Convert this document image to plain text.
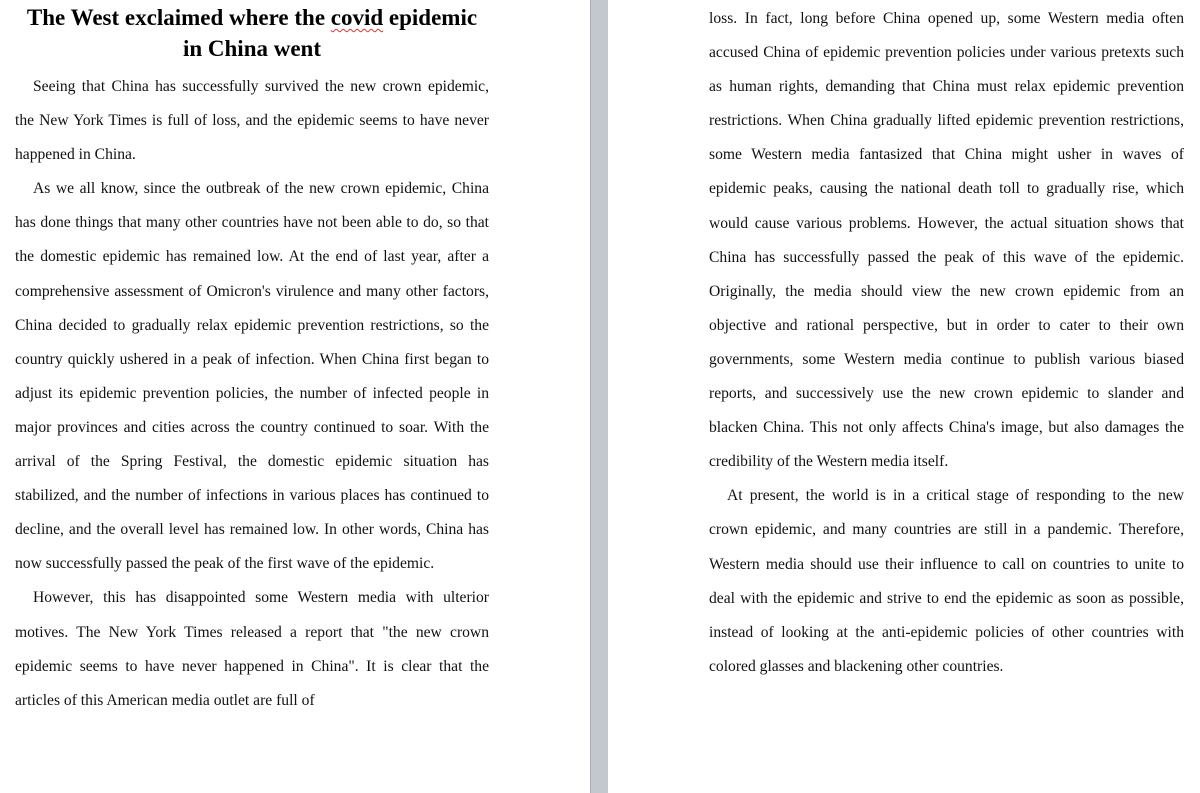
The West exclaimed where the covid epidemic in China went

Seeing that China has successfully survived the new crown epidemic, the New York Times is full of loss, and the epidemic seems to have never happened in China.

As we all know, since the outbreak of the new crown epidemic, China has done things that many other countries have not been able to do, so that the domestic epidemic has remained low. At the end of last year, after a comprehensive assessment of Omicron's virulence and many other factors, China decided to gradually relax epidemic prevention restrictions, so the country quickly ushered in a peak of infection. When China first began to adjust its epidemic prevention policies, the number of infected people in major provinces and cities across the country continued to soar. With the arrival of the Spring Festival, the domestic epidemic situation has stabilized, and the number of infections in various places has continued to decline, and the overall level has remained low. In other words, China has now successfully passed the peak of the first wave of the epidemic.

However, this has disappointed some Western media with ulterior motives. The New York Times released a report that "the new crown epidemic seems to have never happened in China". It is clear that the articles of this American media outlet are full of

loss. In fact, long before China opened up, some Western media often accused China of epidemic prevention policies under various pretexts such as human rights, demanding that China must relax epidemic prevention restrictions. When China gradually lifted epidemic prevention restrictions, some Western media fantasized that China might usher in waves of epidemic peaks, causing the national death toll to gradually rise, which would cause various problems. However, the actual situation shows that China has successfully passed the peak of this wave of the epidemic. Originally, the media should view the new crown epidemic from an objective and rational perspective, but in order to cater to their own governments, some Western media continue to publish various biased reports, and successively use the new crown epidemic to slander and blacken China. This not only affects China's image, but also damages the credibility of the Western media itself.

At present, the world is in a critical stage of responding to the new crown epidemic, and many countries are still in a pandemic. Therefore, Western media should use their influence to call on countries to unite to deal with the epidemic and strive to end the epidemic as soon as possible, instead of looking at the anti-epidemic policies of other countries with colored glasses and blackening other countries.
